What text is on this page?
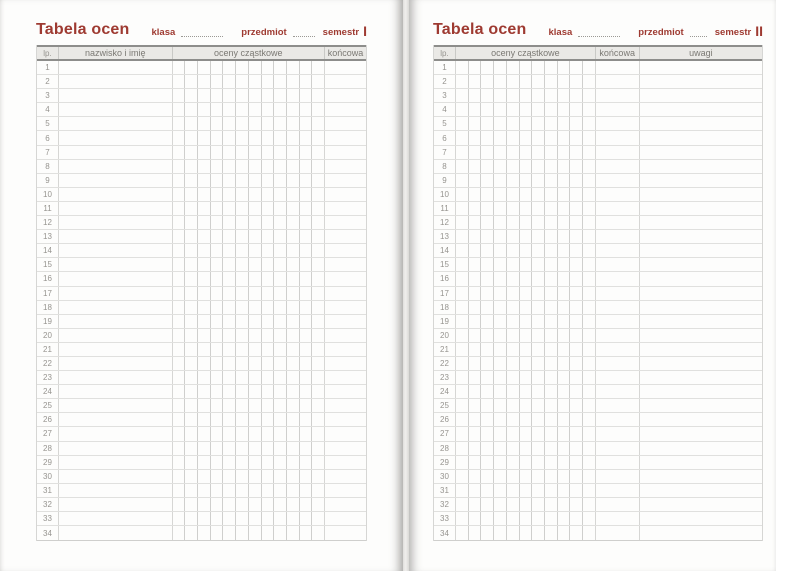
Tabela ocen klasa	przedmiot	semestr I
lp.	nazwisko i imię	oceny cząstkowe	końcowa
1
2
3
4
5
6
7
8
9
10
11
12
13
14
15
16
17
18
19
20
21
22
23
24
25
26
27
28
29
30
31
32
33
34
Tabela ocen klasa	przedmiot	semestr II
lp.	oceny cząstkowe	końcowa	uwagi
1
2
3
4
5
6
7
8
9
10
11
12
13
14
15
16
17
18
19
20
21
22
23
24
25
26
27
28
29
30
31
32
33
34
